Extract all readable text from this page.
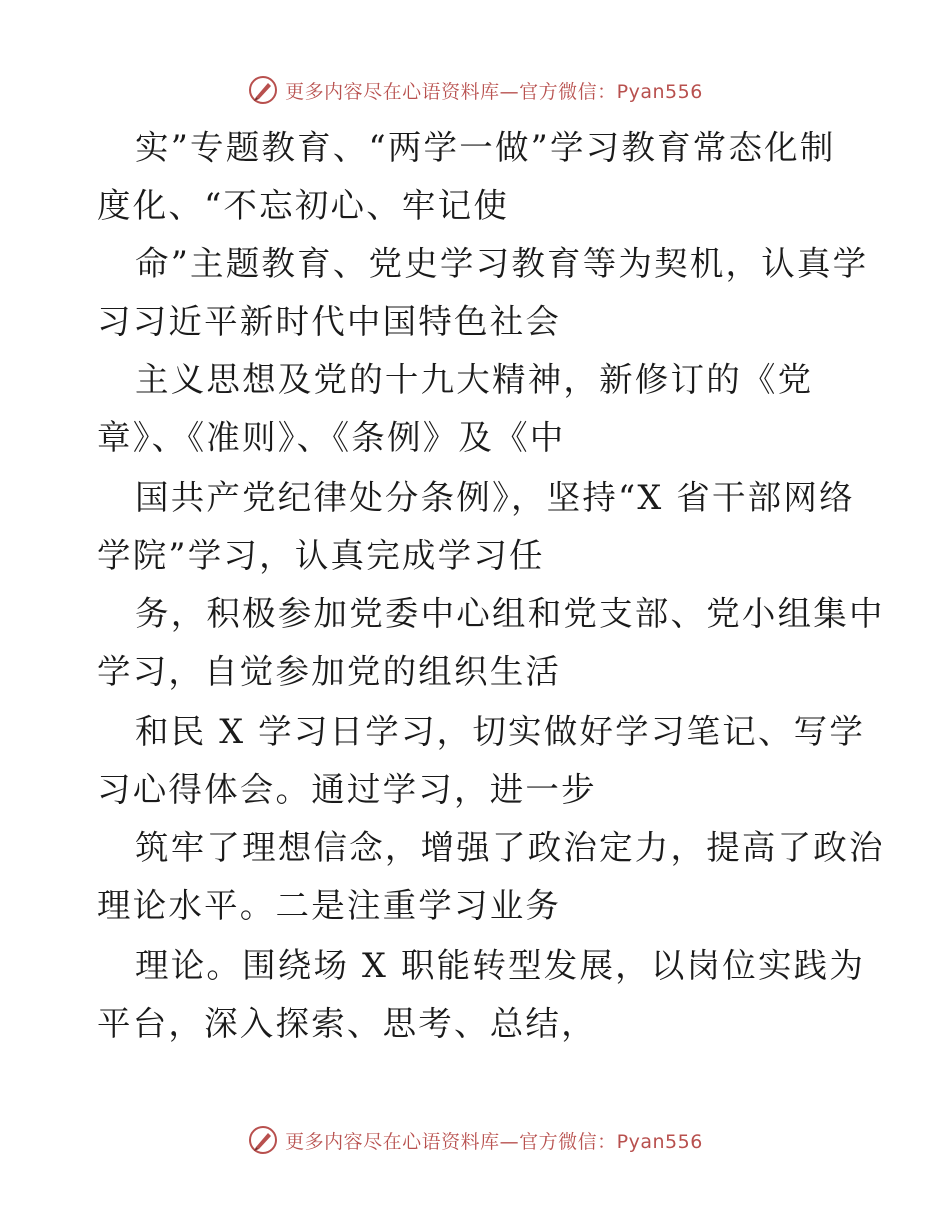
更多内容尽在心语资料库—官方微信：Pyan556
实”专题教育、“两学一做”学习教育常态化制
度化、“不忘初心、牢记使
命”主题教育、党史学习教育等为契机，认真学
习习近平新时代中国特色社会
主义思想及党的十九大精神，新修订的《党
章》、《准则》、《条例》及《中
国共产党纪律处分条例》，坚持“X 省干部网络
学院”学习，认真完成学习任
务，积极参加党委中心组和党支部、党小组集中
学习，自觉参加党的组织生活
和民 X 学习日学习，切实做好学习笔记、写学
习心得体会。通过学习，进一步
筑牢了理想信念，增强了政治定力，提高了政治
理论水平。二是注重学习业务
理论。围绕场 X 职能转型发展，以岗位实践为
平台，深入探索、思考、总结，
更多内容尽在心语资料库—官方微信：Pyan556
